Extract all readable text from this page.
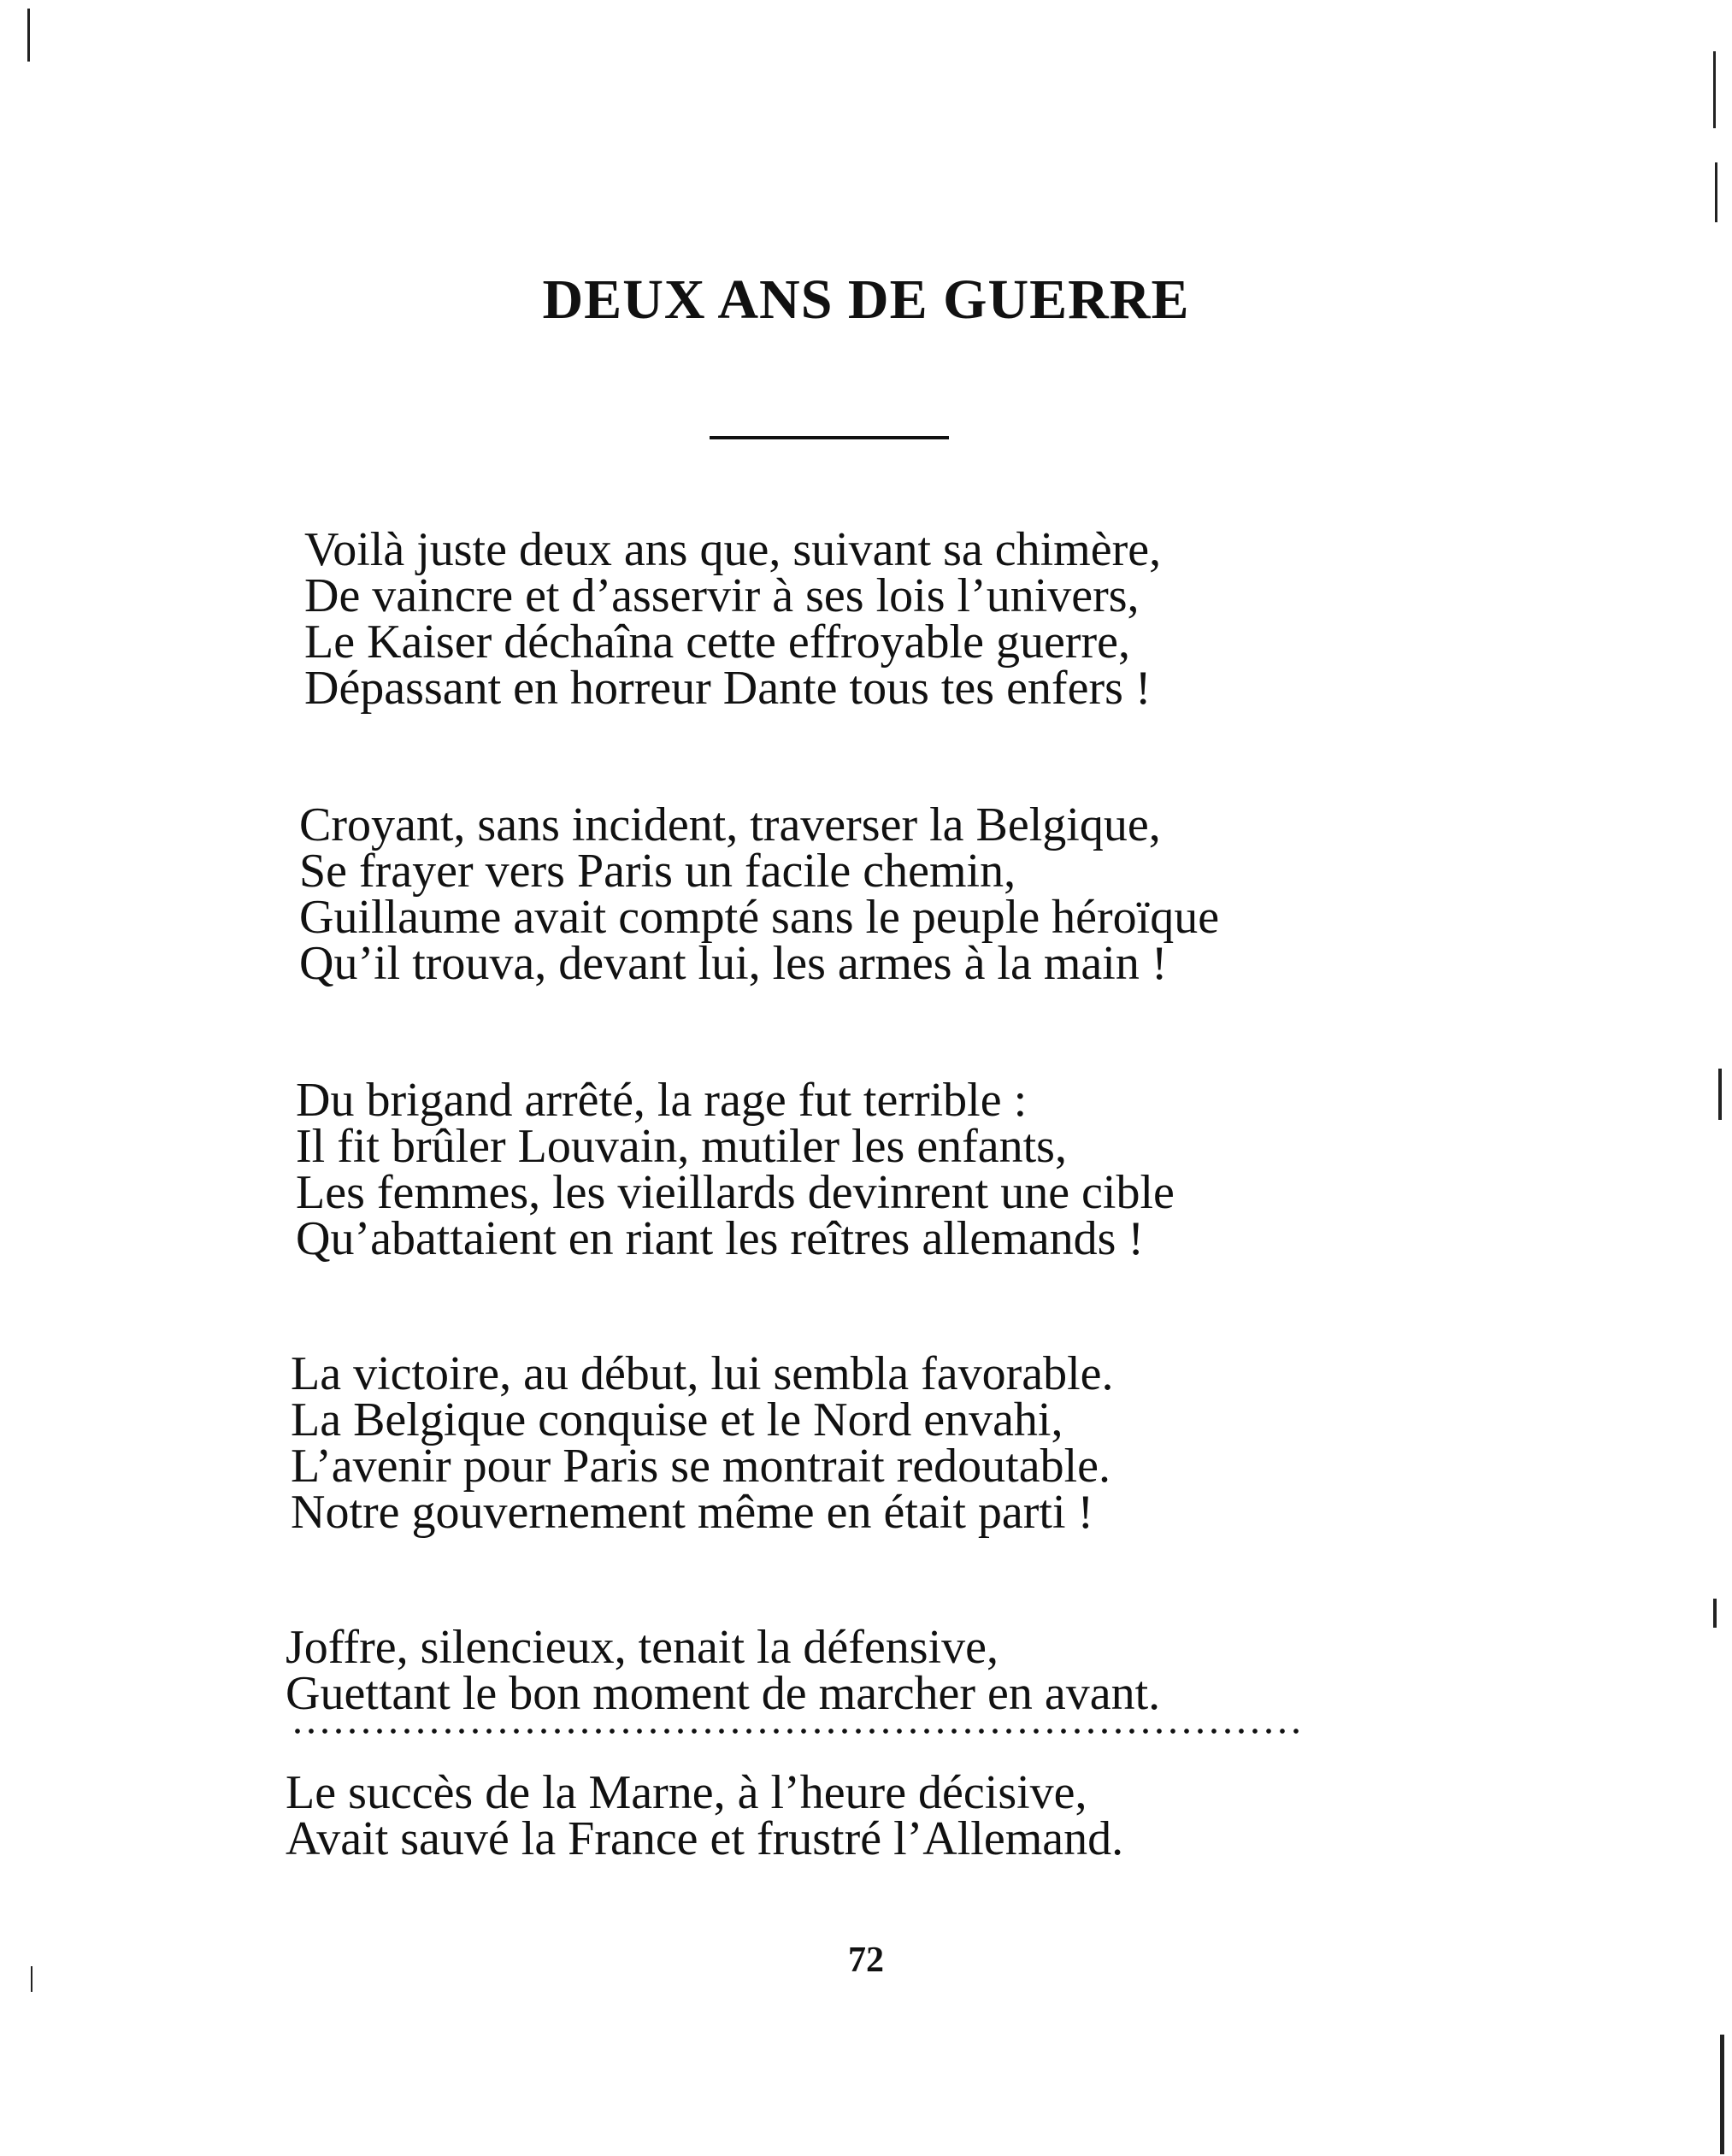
DEUX ANS DE GUERRE
Voilà juste deux ans que, suivant sa chimère,
De vaincre et d’asservir à ses lois l’univers,
Le Kaiser déchaîna cette effroyable guerre,
Dépassant en horreur Dante tous tes enfers !
Croyant, sans incident, traverser la Belgique,
Se frayer vers Paris un facile chemin,
Guillaume avait compté sans le peuple héroïque
Qu’il trouva, devant lui, les armes à la main !
Du brigand arrêté, la rage fut terrible :
Il fit brûler Louvain, mutiler les enfants,
Les femmes, les vieillards devinrent une cible
Qu’abattaient en riant les reîtres allemands !
La victoire, au début, lui sembla favorable.
La Belgique conquise et le Nord envahi,
L’avenir pour Paris se montrait redoutable.
Notre gouvernement même en était parti !
Joffre, silencieux, tenait la défensive,
Guettant le bon moment de marcher en avant.
Le succès de la Marne, à l’heure décisive,
Avait sauvé la France et frustré l’Allemand.
72
